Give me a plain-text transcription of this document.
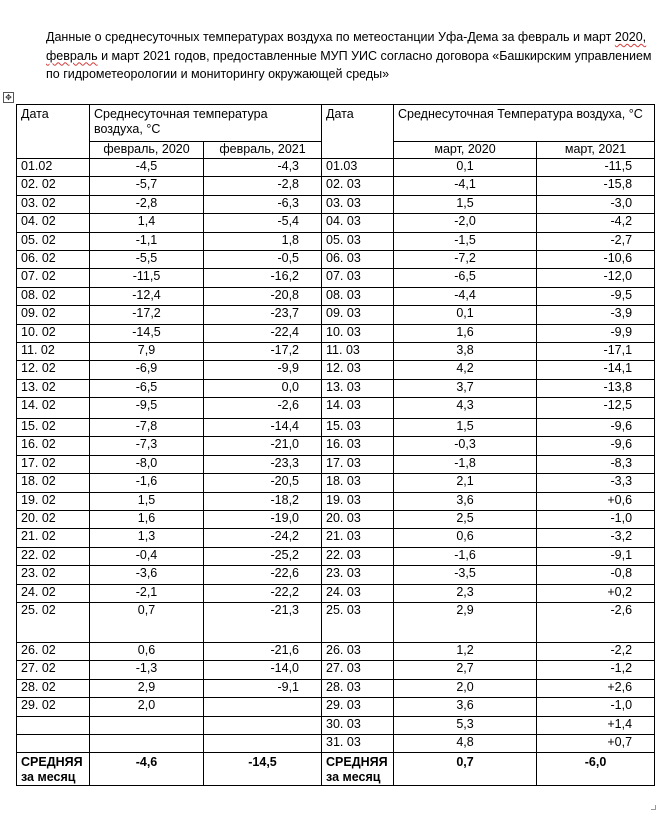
Данные о среднесуточных температурах воздуха по метеостанции Уфа-Дема за февраль и март 2020, февраль и март 2021 годов, предоставленные МУП УИС согласно договора «Башкирским управлением по гидрометеорологии и мониторингу окружающей среды»
✥
Дата	Среднесуточная температура воздуха, °С		Дата	Среднесуточная Температура воздуха, °С	
	февраль, 2020	февраль, 2021		март, 2020	март, 2021
01.02	-4,5	-4,3	01.03	0,1	-11,5
02. 02	-5,7	-2,8	02. 03	-4,1	-15,8
03. 02	-2,8	-6,3	03. 03	1,5	-3,0
04. 02	1,4	-5,4	04. 03	-2,0	-4,2
05. 02	-1,1	1,8	05. 03	-1,5	-2,7
06. 02	-5,5	-0,5	06. 03	-7,2	-10,6
07. 02	-11,5	-16,2	07. 03	-6,5	-12,0
08. 02	-12,4	-20,8	08. 03	-4,4	-9,5
09. 02	-17,2	-23,7	09. 03	0,1	-3,9
10. 02	-14,5	-22,4	10. 03	1,6	-9,9
11. 02	7,9	-17,2	11. 03	3,8	-17,1
12. 02	-6,9	-9,9	12. 03	4,2	-14,1
13. 02	-6,5	0,0	13. 03	3,7	-13,8
14. 02	-9,5	-2,6	14. 03	4,3	-12,5
15. 02	-7,8	-14,4	15. 03	1,5	-9,6
16. 02	-7,3	-21,0	16. 03	-0,3	-9,6
17. 02	-8,0	-23,3	17. 03	-1,8	-8,3
18. 02	-1,6	-20,5	18. 03	2,1	-3,3
19. 02	1,5	-18,2	19. 03	3,6	+0,6
20. 02	1,6	-19,0	20. 03	2,5	-1,0
21. 02	1,3	-24,2	21. 03	0,6	-3,2
22. 02	-0,4	-25,2	22. 03	-1,6	-9,1
23. 02	-3,6	-22,6	23. 03	-3,5	-0,8
24. 02	-2,1	-22,2	24. 03	2,3	+0,2
25. 02	0,7	-21,3	25. 03	2,9	-2,6
26. 02	0,6	-21,6	26. 03	1,2	-2,2
27. 02	-1,3	-14,0	27. 03	2,7	-1,2
28. 02	2,9	-9,1	28. 03	2,0	+2,6
29. 02	2,0		29. 03	3,6	-1,0
			30. 03	5,3	+1,4
			31. 03	4,8	+0,7
СРЕДНЯЯ за месяц	-4,6	-14,5	СРЕДНЯЯ за месяц	0,7	-6,0
